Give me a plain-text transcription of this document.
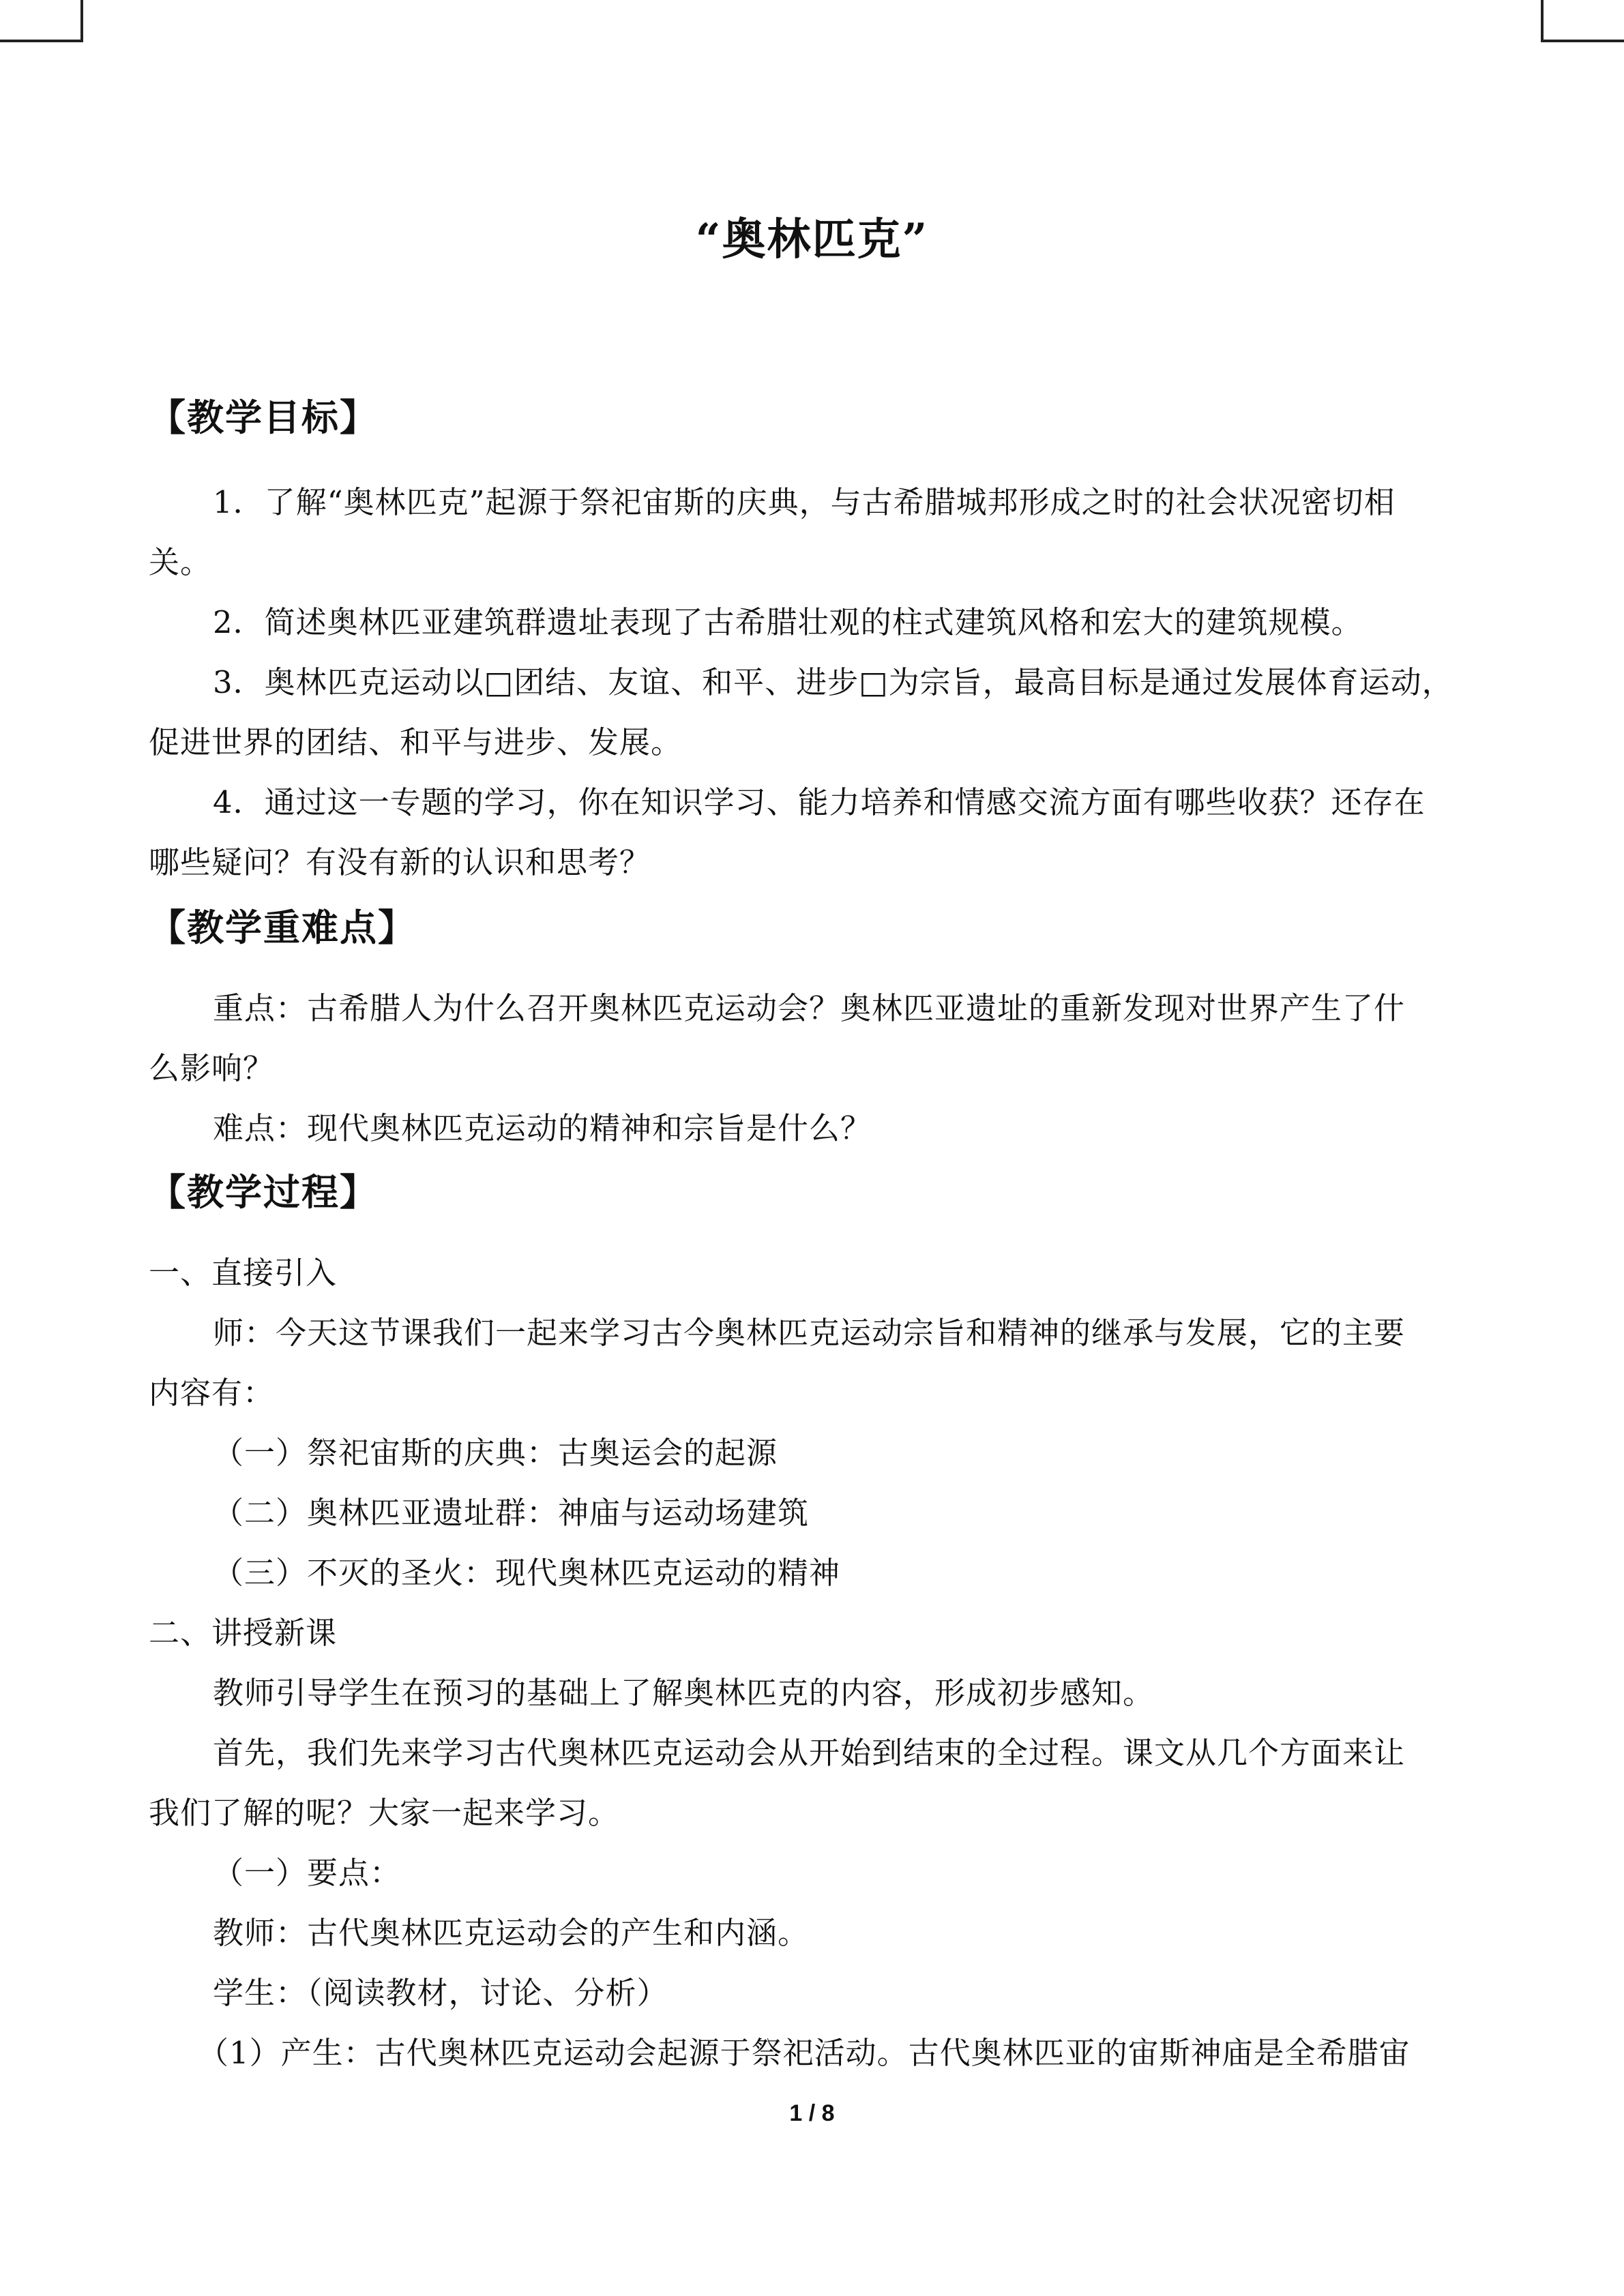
“奥林匹克”
【教学目标】
1．了解“奥林匹克”起源于祭祀宙斯的庆典，与古希腊城邦形成之时的社会状况密切相
关。
2．简述奥林匹亚建筑群遗址表现了古希腊壮观的柱式建筑风格和宏大的建筑规模。
3．奥林匹克运动以□团结、友谊、和平、进步□为宗旨，最高目标是通过发展体育运动，
促进世界的团结、和平与进步、发展。
4．通过这一专题的学习，你在知识学习、能力培养和情感交流方面有哪些收获？还存在
哪些疑问？有没有新的认识和思考？
【教学重难点】
重点：古希腊人为什么召开奥林匹克运动会？奥林匹亚遗址的重新发现对世界产生了什
么影响？
难点：现代奥林匹克运动的精神和宗旨是什么？
【教学过程】
一、直接引入
师：今天这节课我们一起来学习古今奥林匹克运动宗旨和精神的继承与发展，它的主要
内容有：
（一）祭祀宙斯的庆典：古奥运会的起源
（二）奥林匹亚遗址群：神庙与运动场建筑
（三）不灭的圣火：现代奥林匹克运动的精神
二、讲授新课
教师引导学生在预习的基础上了解奥林匹克的内容，形成初步感知。
首先，我们先来学习古代奥林匹克运动会从开始到结束的全过程。课文从几个方面来让
我们了解的呢？大家一起来学习。
（一）要点：
教师：古代奥林匹克运动会的产生和内涵。
学生：（阅读教材，讨论、分析）
（1）产生：古代奥林匹克运动会起源于祭祀活动。古代奥林匹亚的宙斯神庙是全希腊宙
1 / 8
